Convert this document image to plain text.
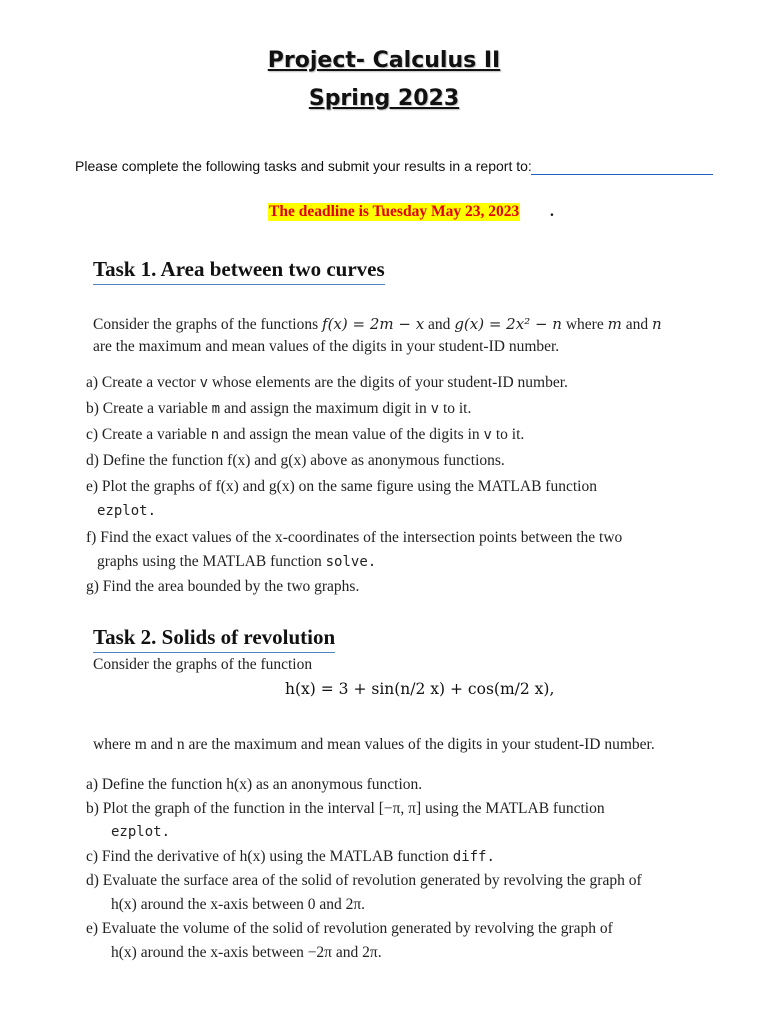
Project- Calculus II
Spring 2023
Please complete the following tasks and submit your results in a report to:
The deadline is Tuesday May 23, 2023 .
Task 1. Area between two curves
Consider the graphs of the functions f(x) = 2m − x and g(x) = 2x² − n where m and n
are the maximum and mean values of the digits in your student-ID number.
a) Create a vector v whose elements are the digits of your student-ID number.
b) Create a variable m and assign the maximum digit in v to it.
c) Create a variable n and assign the mean value of the digits in v to it.
d) Define the function f(x) and g(x) above as anonymous functions.
e) Plot the graphs of f(x) and g(x) on the same figure using the MATLAB function
ezplot.
f) Find the exact values of the x-coordinates of the intersection points between the two
graphs using the MATLAB function solve.
g) Find the area bounded by the two graphs.
Task 2. Solids of revolution
Consider the graphs of the function
h(x) = 3 + sin(n/2 x) + cos(m/2 x),
where m and n are the maximum and mean values of the digits in your student-ID number.
a) Define the function h(x) as an anonymous function.
b) Plot the graph of the function in the interval [−π, π] using the MATLAB function
ezplot.
c) Find the derivative of h(x) using the MATLAB function diff.
d) Evaluate the surface area of the solid of revolution generated by revolving the graph of
h(x) around the x-axis between 0 and 2π.
e) Evaluate the volume of the solid of revolution generated by revolving the graph of
h(x) around the x-axis between −2π and 2π.
